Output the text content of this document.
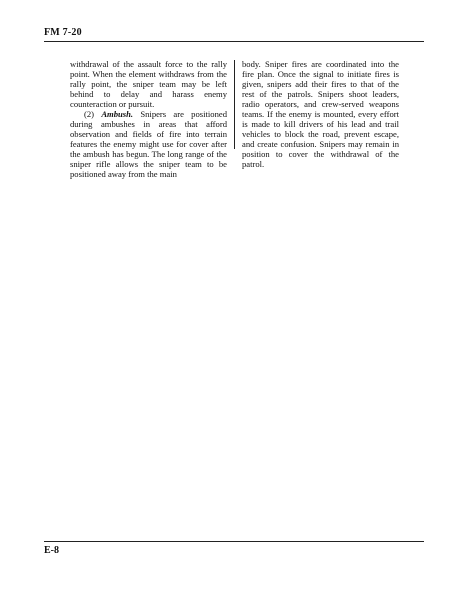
FM 7-20

withdrawal of the assault force to the rally point. When the element withdraws from the rally point, the sniper team may be left behind to delay and harass enemy counteraction or pursuit.

(2) Ambush. Snipers are positioned during ambushes in areas that afford observation and fields of fire into terrain features the enemy might use for cover after the ambush has begun. The long range of the sniper rifle allows the sniper team to be positioned away from the main

body. Sniper fires are coordinated into the fire plan. Once the signal to initiate fires is given, snipers add their fires to that of the rest of the patrols. Snipers shoot leaders, radio operators, and crew-served weapons teams. If the enemy is mounted, every effort is made to kill drivers of his lead and trail vehicles to block the road, prevent escape, and create confusion. Snipers may remain in position to cover the withdrawal of the patrol.

E-8
